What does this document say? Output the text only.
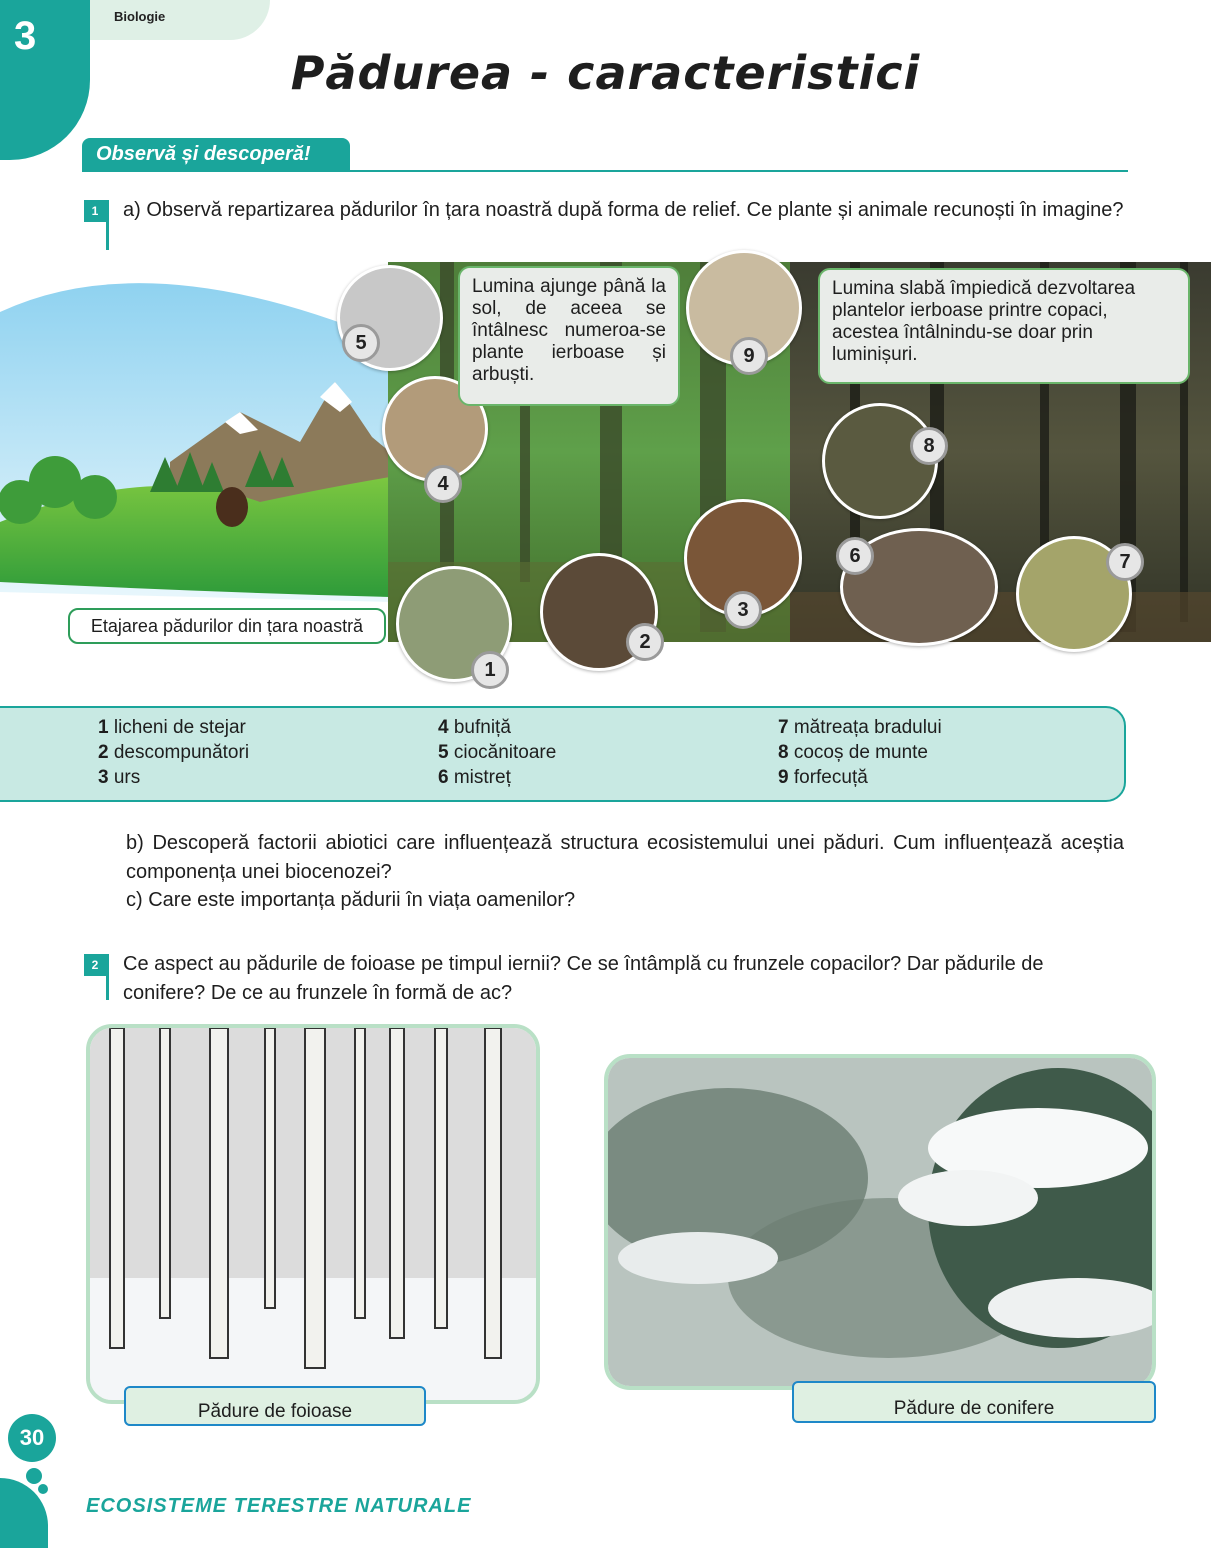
3	Biologie
Pădurea - caracteristici
Observă și descoperă!
1	a) Observă repartizarea pădurilor în țara noastră după forma de relief. Ce plante și animale recunoști în imagine?
1
2
3
4
5
6	7
8
9
Lumina ajunge până la sol, de aceea se întâlnesc numeroa-se plante ierboase și arbuști.
Lumina slabă împiedică dezvoltarea plantelor ierboase printre copaci, acestea întâlnindu-se doar prin luminișuri.
Etajarea pădurilor din țara noastră
1 licheni de stejar
2 descompunători
3 urs
4 bufniță
5 ciocănitoare
6 mistreț
7 mătreața bradului
8 cocoș de munte
9 forfecuță
b) Descoperă factorii abiotici care influențează structura ecosistemului unei păduri. Cum influențează aceștia componența unei biocenozei?
c) Care este importanța pădurii în viața oamenilor?
2	Ce aspect au pădurile de foioase pe timpul iernii? Ce se întâmplă cu frunzele copacilor? Dar pădurile de conifere? De ce au frunzele în formă de ac?
Pădure de foioase	Pădure de conifere
30
ECOSISTEME TERESTRE NATURALE
